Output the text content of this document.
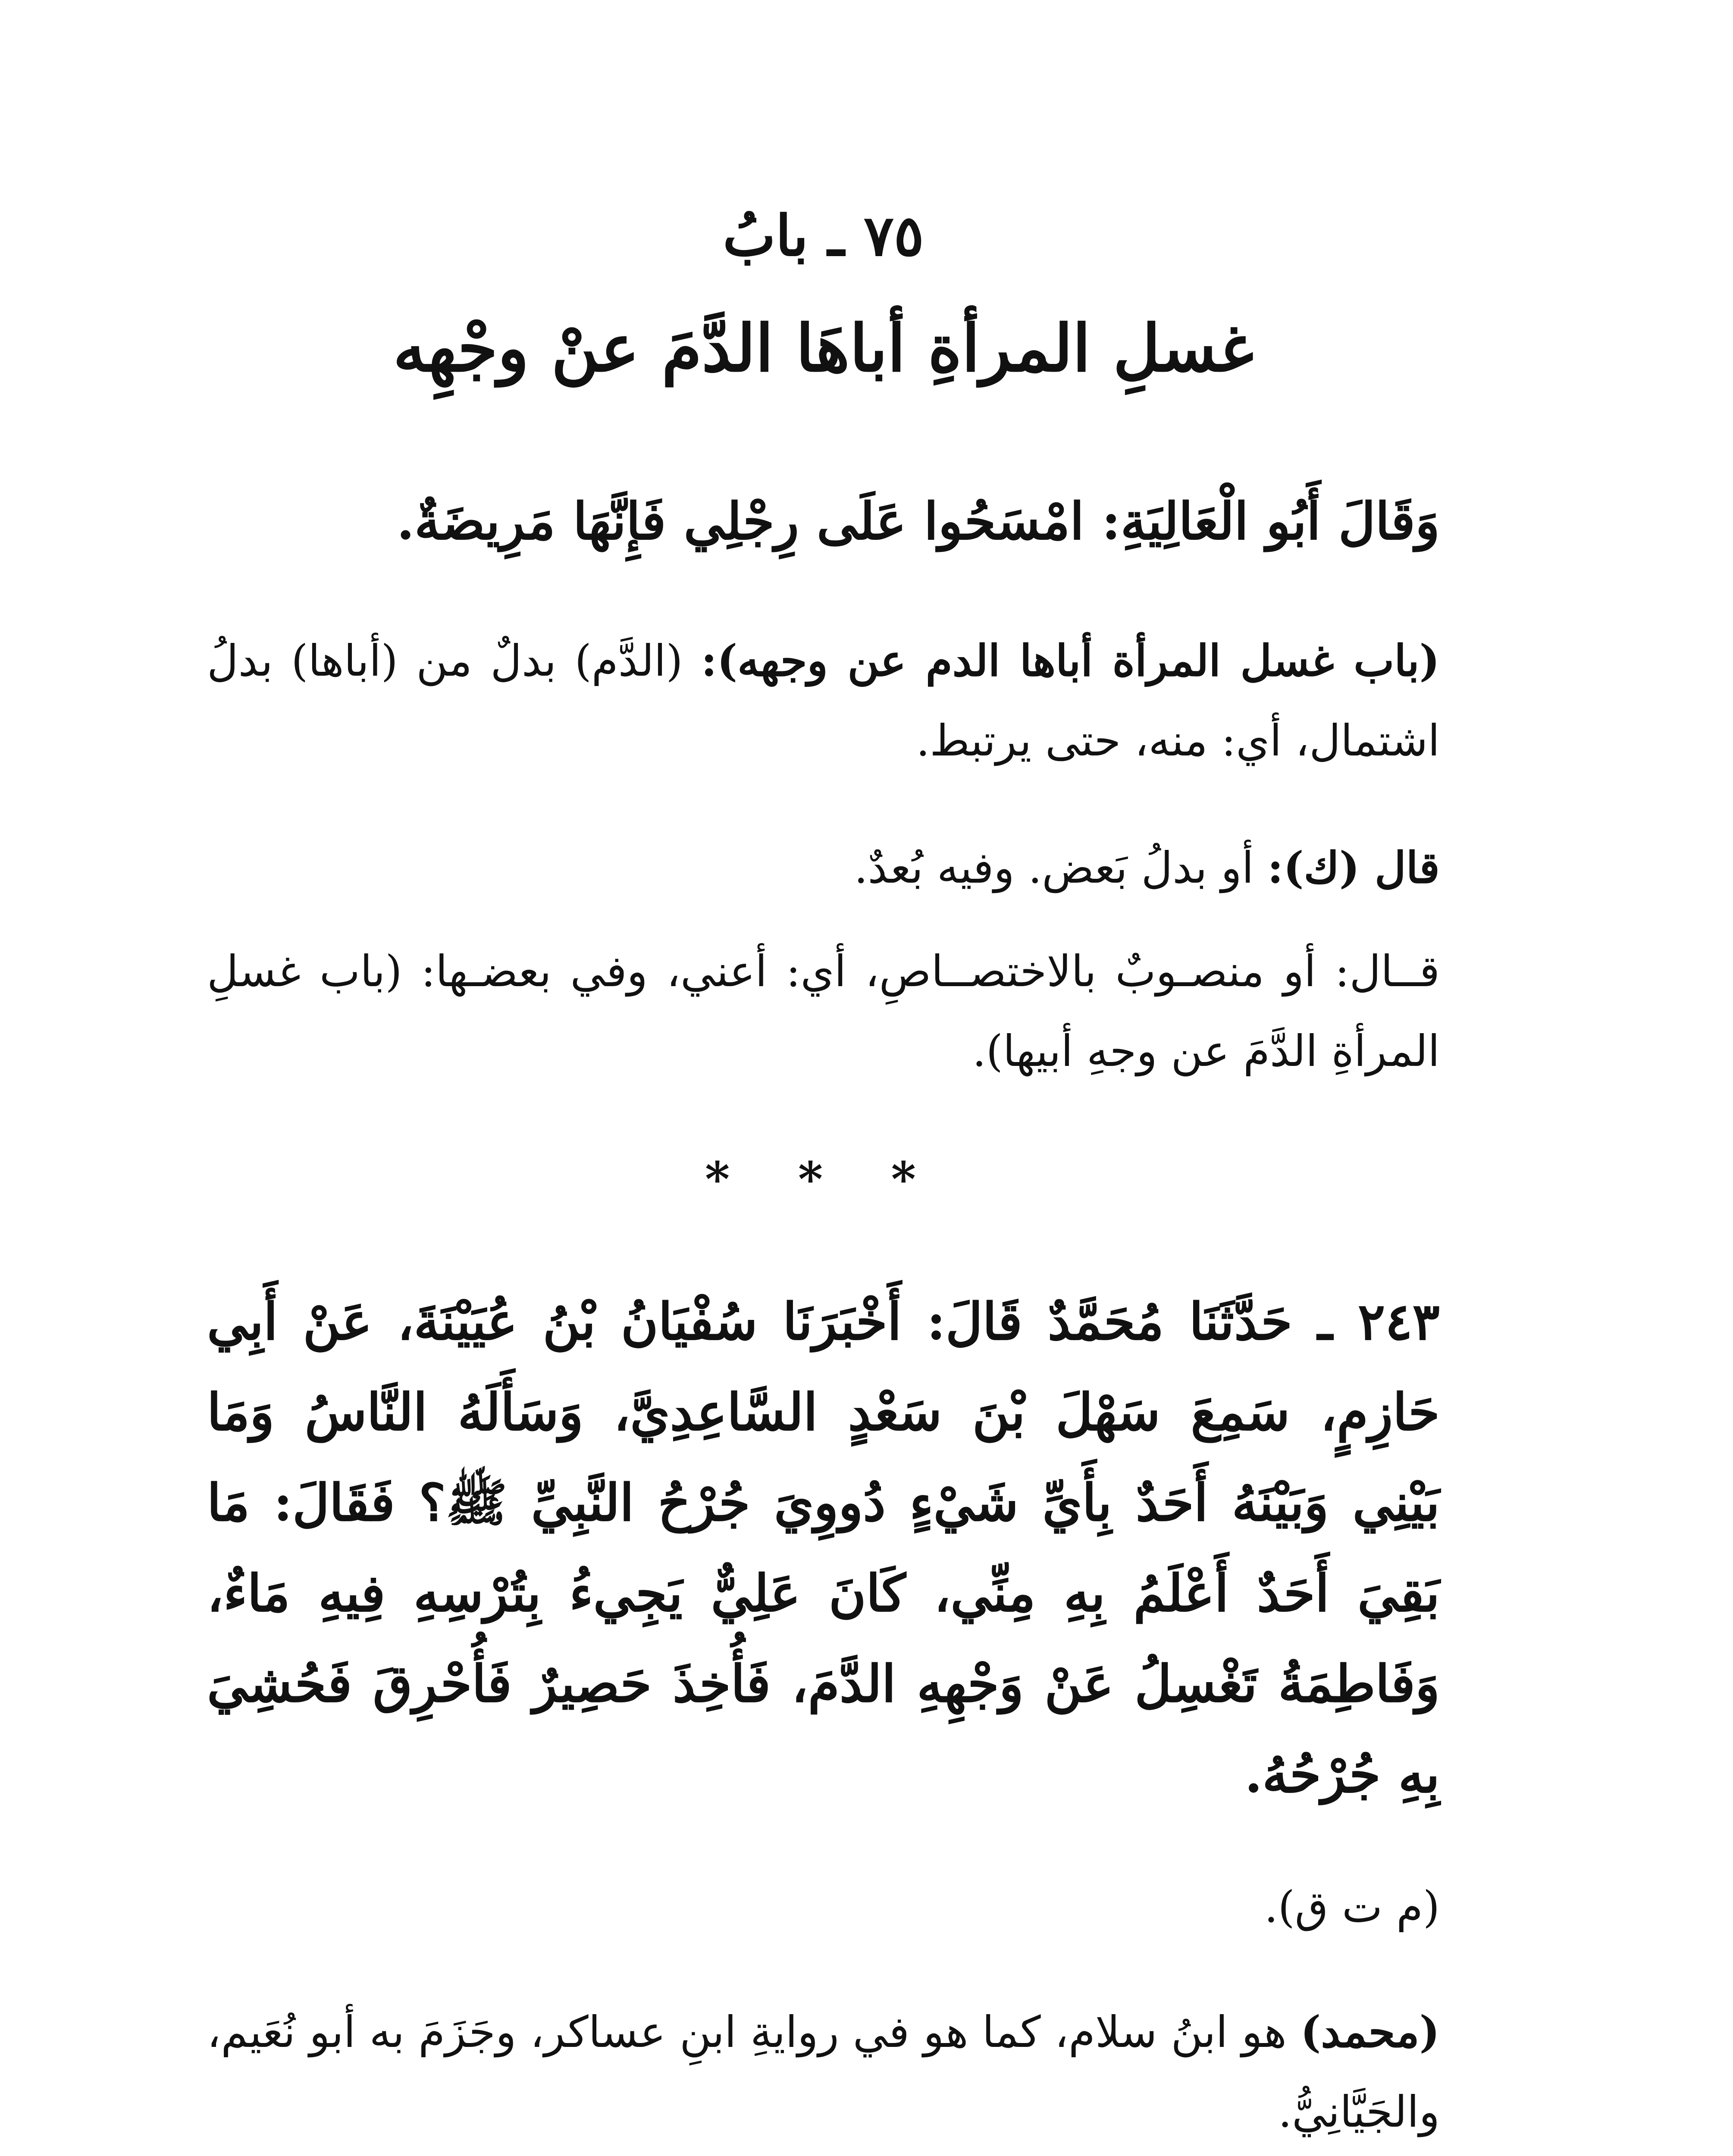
٧٥ ـ بابُ
غسلِ المرأةِ أباهَا الدَّمَ عنْ وجْهِه
وَقَالَ أَبُو الْعَالِيَةِ: امْسَحُوا عَلَى رِجْلِي فَإِنَّهَا مَرِيضَةٌ.
(باب غسل المرأة أباها الدم عن وجهه): (الدَّم) بدلٌ من (أباها) بدلُ اشتمال، أي: منه، حتى يرتبط.
قال (ك): أو بدلُ بَعض. وفيه بُعدٌ.
قــال: أو منصـوبٌ بالاختصــاصِ، أي: أعني، وفي بعضـها: (باب غسلِ المرأةِ الدَّمَ عن وجهِ أبيها).
* * *
٢٤٣ ـ حَدَّثَنَا مُحَمَّدٌ قَالَ: أَخْبَرَنَا سُفْيَانُ بْنُ عُيَيْنَةَ، عَنْ أَبِي حَازِمٍ، سَمِعَ سَهْلَ بْنَ سَعْدٍ السَّاعِدِيَّ، وَسَأَلَهُ النَّاسُ وَمَا بَيْنِي وَبَيْنَهُ أَحَدٌ بِأَيِّ شَيْءٍ دُووِيَ جُرْحُ النَّبِيِّ ﷺ؟ فَقَالَ: مَا بَقِيَ أَحَدٌ أَعْلَمُ بِهِ مِنِّي، كَانَ عَلِيٌّ يَجِيءُ بِتُرْسِهِ فِيهِ مَاءٌ، وَفَاطِمَةُ تَغْسِلُ عَنْ وَجْهِهِ الدَّمَ، فَأُخِذَ حَصِيرٌ فَأُحْرِقَ فَحُشِيَ بِهِ جُرْحُهُ.
(م ت ق).
(محمد) هو ابنُ سلام، كما هو في روايةِ ابنِ عساكر، وجَزَمَ به أبو نُعَيم، والجَيَّانِيُّ.
